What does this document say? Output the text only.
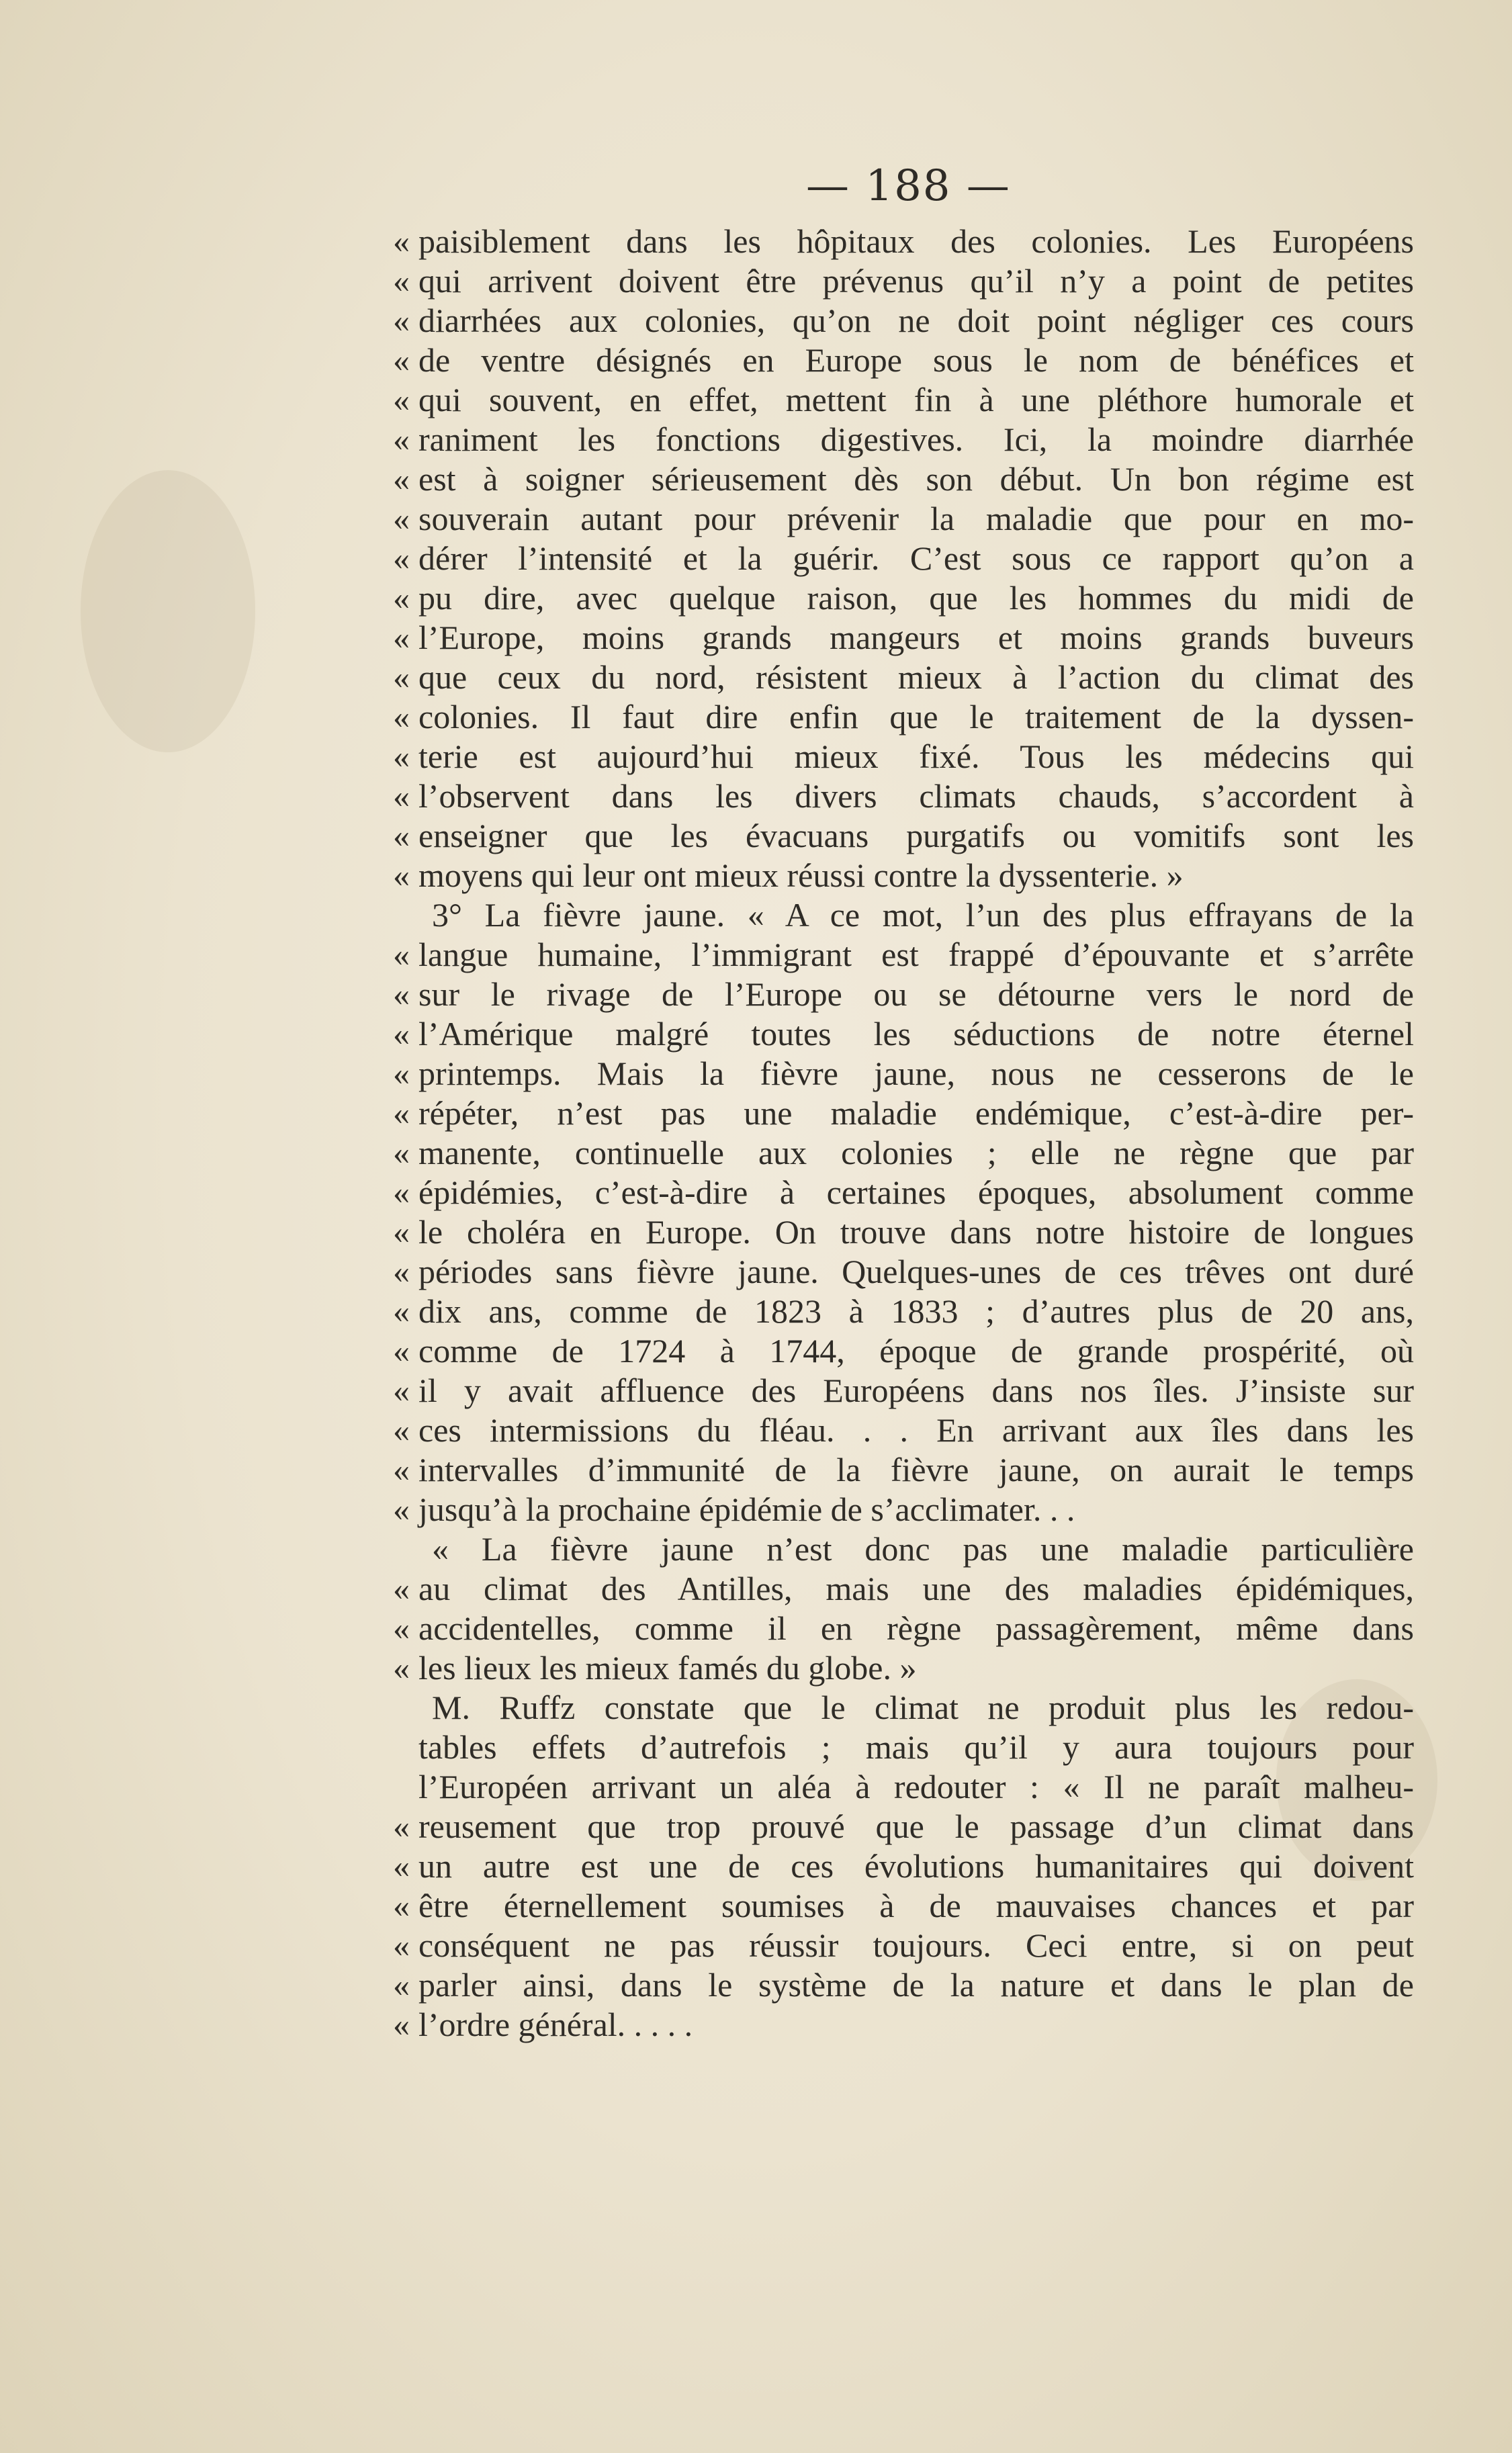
— 188 —
« paisiblement dans les hôpitaux des colonies. Les Européens
« qui arrivent doivent être prévenus qu’il n’y a point de petites
« diarrhées aux colonies, qu’on ne doit point négliger ces cours
« de ventre désignés en Europe sous le nom de bénéfices et
« qui souvent, en effet, mettent fin à une pléthore humorale et
« raniment les fonctions digestives. Ici, la moindre diarrhée
« est à soigner sérieusement dès son début. Un bon régime est
« souverain autant pour prévenir la maladie que pour en mo-
« dérer l’intensité et la guérir. C’est sous ce rapport qu’on a
« pu dire, avec quelque raison, que les hommes du midi de
« l’Europe, moins grands mangeurs et moins grands buveurs
« que ceux du nord, résistent mieux à l’action du climat des
« colonies. Il faut dire enfin que le traitement de la dyssen-
« terie est aujourd’hui mieux fixé. Tous les médecins qui
« l’observent dans les divers climats chauds, s’accordent à
« enseigner que les évacuans purgatifs ou vomitifs sont les
« moyens qui leur ont mieux réussi contre la dyssenterie. »
3° La fièvre jaune. « A ce mot, l’un des plus effrayans de la
« langue humaine, l’immigrant est frappé d’épouvante et s’arrête
« sur le rivage de l’Europe ou se détourne vers le nord de
« l’Amérique malgré toutes les séductions de notre éternel
« printemps. Mais la fièvre jaune, nous ne cesserons de le
« répéter, n’est pas une maladie endémique, c’est-à-dire per-
« manente, continuelle aux colonies ; elle ne règne que par
« épidémies, c’est-à-dire à certaines époques, absolument comme
« le choléra en Europe. On trouve dans notre histoire de longues
« périodes sans fièvre jaune. Quelques-unes de ces trêves ont duré
« dix ans, comme de 1823 à 1833 ; d’autres plus de 20 ans,
« comme de 1724 à 1744, époque de grande prospérité, où
« il y avait affluence des Européens dans nos îles. J’insiste sur
« ces intermissions du fléau. . . En arrivant aux îles dans les
« intervalles d’immunité de la fièvre jaune, on aurait le temps
« jusqu’à la prochaine épidémie de s’acclimater. . .
« La fièvre jaune n’est donc pas une maladie particulière
« au climat des Antilles, mais une des maladies épidémiques,
« accidentelles, comme il en règne passagèrement, même dans
« les lieux les mieux famés du globe. »
M. Ruffz constate que le climat ne produit plus les redou-
tables effets d’autrefois ; mais qu’il y aura toujours pour
l’Européen arrivant un aléa à redouter : « Il ne paraît malheu-
« reusement que trop prouvé que le passage d’un climat dans
« un autre est une de ces évolutions humanitaires qui doivent
« être éternellement soumises à de mauvaises chances et par
« conséquent ne pas réussir toujours. Ceci entre, si on peut
« parler ainsi, dans le système de la nature et dans le plan de
« l’ordre général. . . . .
